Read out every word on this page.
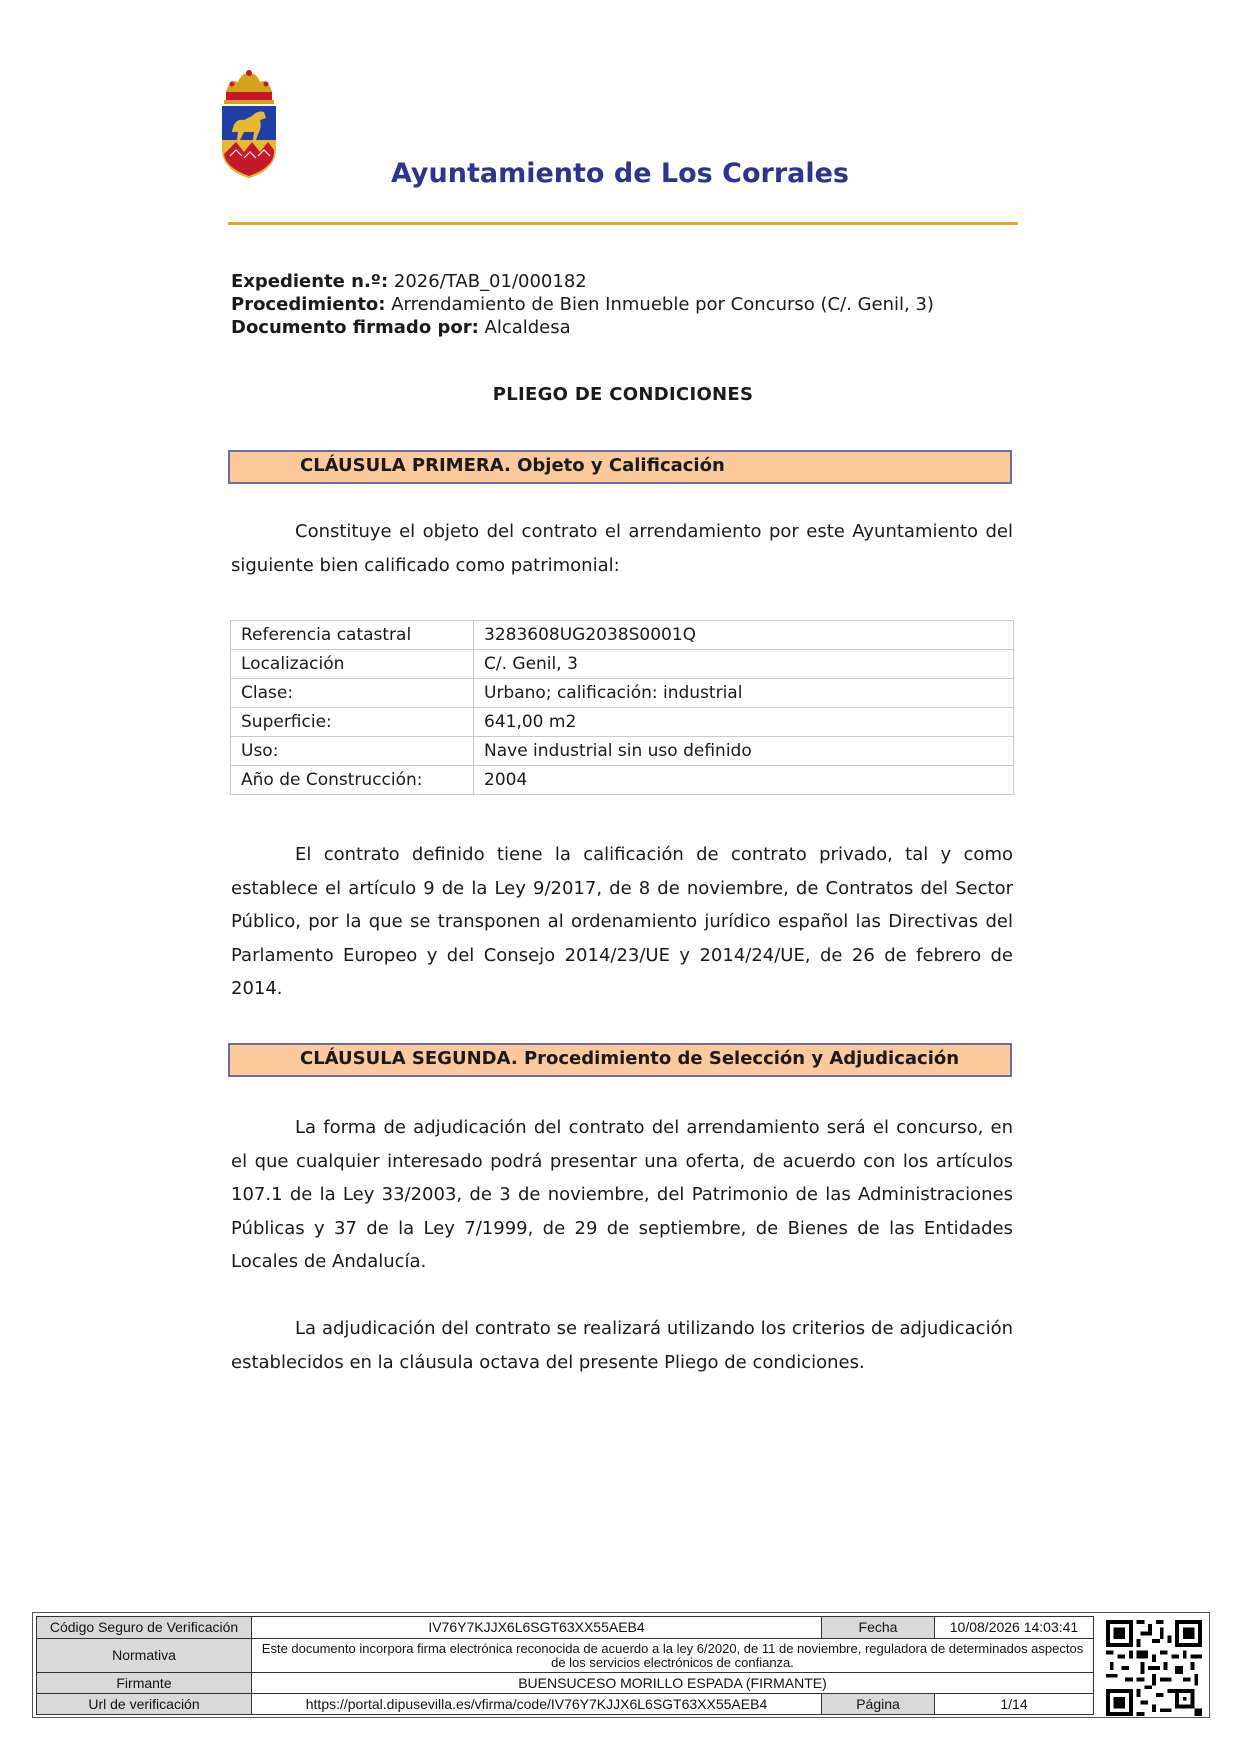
Ayuntamiento de Los Corrales
Expediente n.º: 2026/TAB_01/000182
Procedimiento: Arrendamiento de Bien Inmueble por Concurso (C/. Genil, 3)
Documento firmado por: Alcaldesa
PLIEGO DE CONDICIONES
CLÁUSULA PRIMERA. Objeto y Calificación

Constituye el objeto del contrato el arrendamiento por este Ayuntamiento del siguiente bien calificado como patrimonial:

Referencia catastral	3283608UG2038S0001Q
Localización	C/. Genil, 3
Clase:	Urbano; calificación: industrial
Superficie:	641,00 m2
Uso:	Nave industrial sin uso definido
Año de Construcción:	2004

El contrato definido tiene la calificación de contrato privado, tal y como establece el artículo 9 de la Ley 9/2017, de 8 de noviembre, de Contratos del Sector Público, por la que se transponen al ordenamiento jurídico español las Directivas del Parlamento Europeo y del Consejo 2014/23/UE y 2014/24/UE, de 26 de febrero de 2014.

CLÁUSULA SEGUNDA. Procedimiento de Selección y Adjudicación

La forma de adjudicación del contrato del arrendamiento será el concurso, en el que cualquier interesado podrá presentar una oferta, de acuerdo con los artículos 107.1 de la Ley 33/2003, de 3 de noviembre, del Patrimonio de las Administraciones Públicas y 37 de la Ley 7/1999, de 29 de septiembre, de Bienes de las Entidades Locales de Andalucía.

La adjudicación del contrato se realizará utilizando los criterios de adjudicación establecidos en la cláusula octava del presente Pliego de condiciones.

Código Seguro de Verificación	IV76Y7KJJX6L6SGT63XX55AEB4	Fecha	10/08/2026 14:03:41
Normativa	Este documento incorpora firma electrónica reconocida de acuerdo a la ley 6/2020, de 11 de noviembre, reguladora de determinados aspectos de los servicios electrónicos de confianza.		
Firmante	BUENSUCESO MORILLO ESPADA (FIRMANTE)		
Url de verificación	https://portal.dipusevilla.es/vfirma/code/IV76Y7KJJX6L6SGT63XX55AEB4	Página	1/14
